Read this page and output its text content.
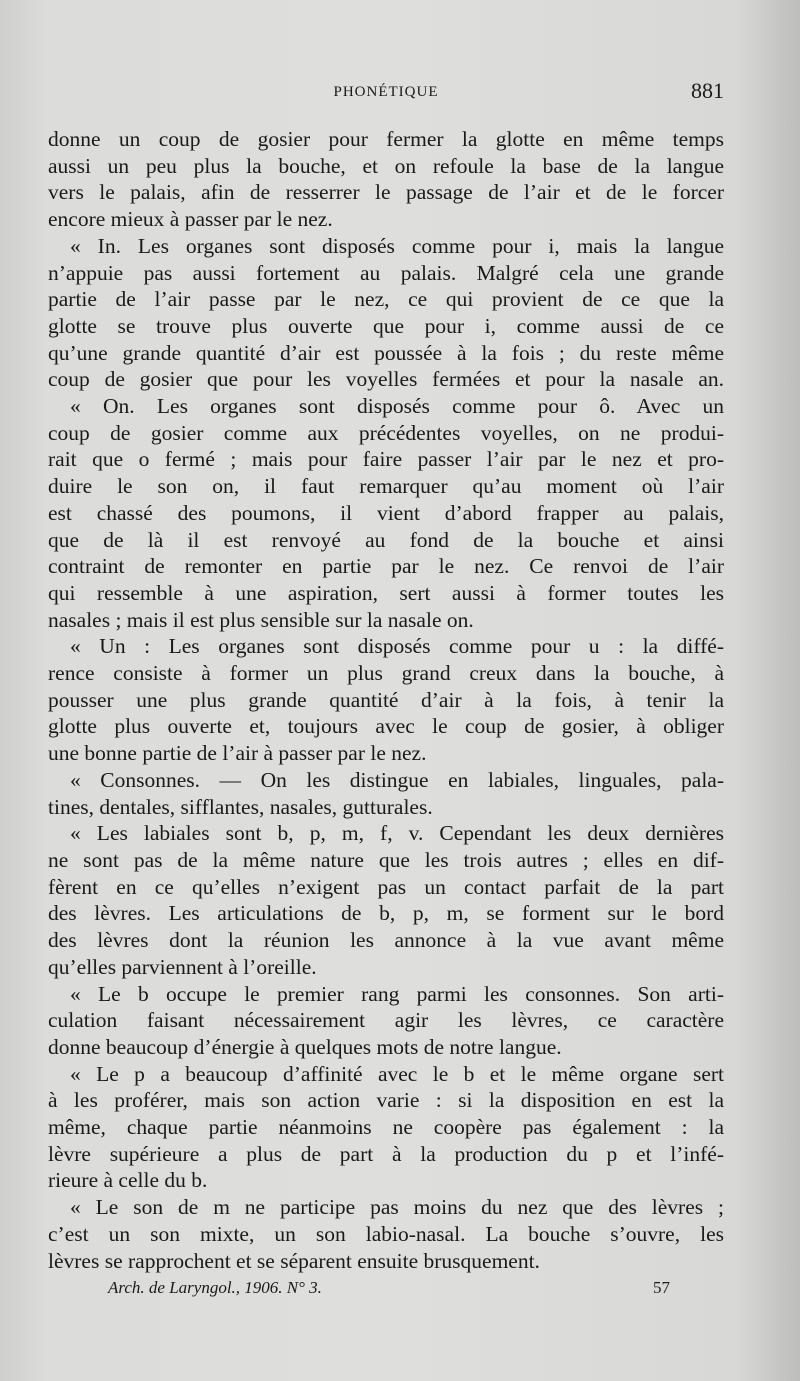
PHONÉTIQUE	881

donne un coup de gosier pour fermer la glotte en même temps

aussi un peu plus la bouche, et on refoule la base de la langue

vers le palais, afin de resserrer le passage de l’air et de le forcer

encore mieux à passer par le nez.

« In. Les organes sont disposés comme pour i, mais la langue

n’appuie pas aussi fortement au palais. Malgré cela une grande

partie de l’air passe par le nez, ce qui provient de ce que la

glotte se trouve plus ouverte que pour i, comme aussi de ce

qu’une grande quantité d’air est poussée à la fois ; du reste même

coup de gosier que pour les voyelles fermées et pour la nasale an.

« On. Les organes sont disposés comme pour ô. Avec un

coup de gosier comme aux précédentes voyelles, on ne produi-

rait que o fermé ; mais pour faire passer l’air par le nez et pro-

duire le son on, il faut remarquer qu’au moment où l’air

est chassé des poumons, il vient d’abord frapper au palais,

que de là il est renvoyé au fond de la bouche et ainsi

contraint de remonter en partie par le nez. Ce renvoi de l’air

qui ressemble à une aspiration, sert aussi à former toutes les

nasales ; mais il est plus sensible sur la nasale on.

« Un : Les organes sont disposés comme pour u : la diffé-

rence consiste à former un plus grand creux dans la bouche, à

pousser une plus grande quantité d’air à la fois, à tenir la

glotte plus ouverte et, toujours avec le coup de gosier, à obliger

une bonne partie de l’air à passer par le nez.

« Consonnes. — On les distingue en labiales, linguales, pala-

tines, dentales, sifflantes, nasales, gutturales.

« Les labiales sont b, p, m, f, v. Cependant les deux dernières

ne sont pas de la même nature que les trois autres ; elles en dif-

fèrent en ce qu’elles n’exigent pas un contact parfait de la part

des lèvres. Les articulations de b, p, m, se forment sur le bord

des lèvres dont la réunion les annonce à la vue avant même

qu’elles parviennent à l’oreille.

« Le b occupe le premier rang parmi les consonnes. Son arti-

culation faisant nécessairement agir les lèvres, ce caractère

donne beaucoup d’énergie à quelques mots de notre langue.

« Le p a beaucoup d’affinité avec le b et le même organe sert

à les proférer, mais son action varie : si la disposition en est la

même, chaque partie néanmoins ne coopère pas également : la

lèvre supérieure a plus de part à la production du p et l’infé-

rieure à celle du b.

« Le son de m ne participe pas moins du nez que des lèvres ;

c’est un son mixte, un son labio-nasal. La bouche s’ouvre, les

lèvres se rapprochent et se séparent ensuite brusquement.

Arch. de Laryngol., 1906. N° 3.	57
